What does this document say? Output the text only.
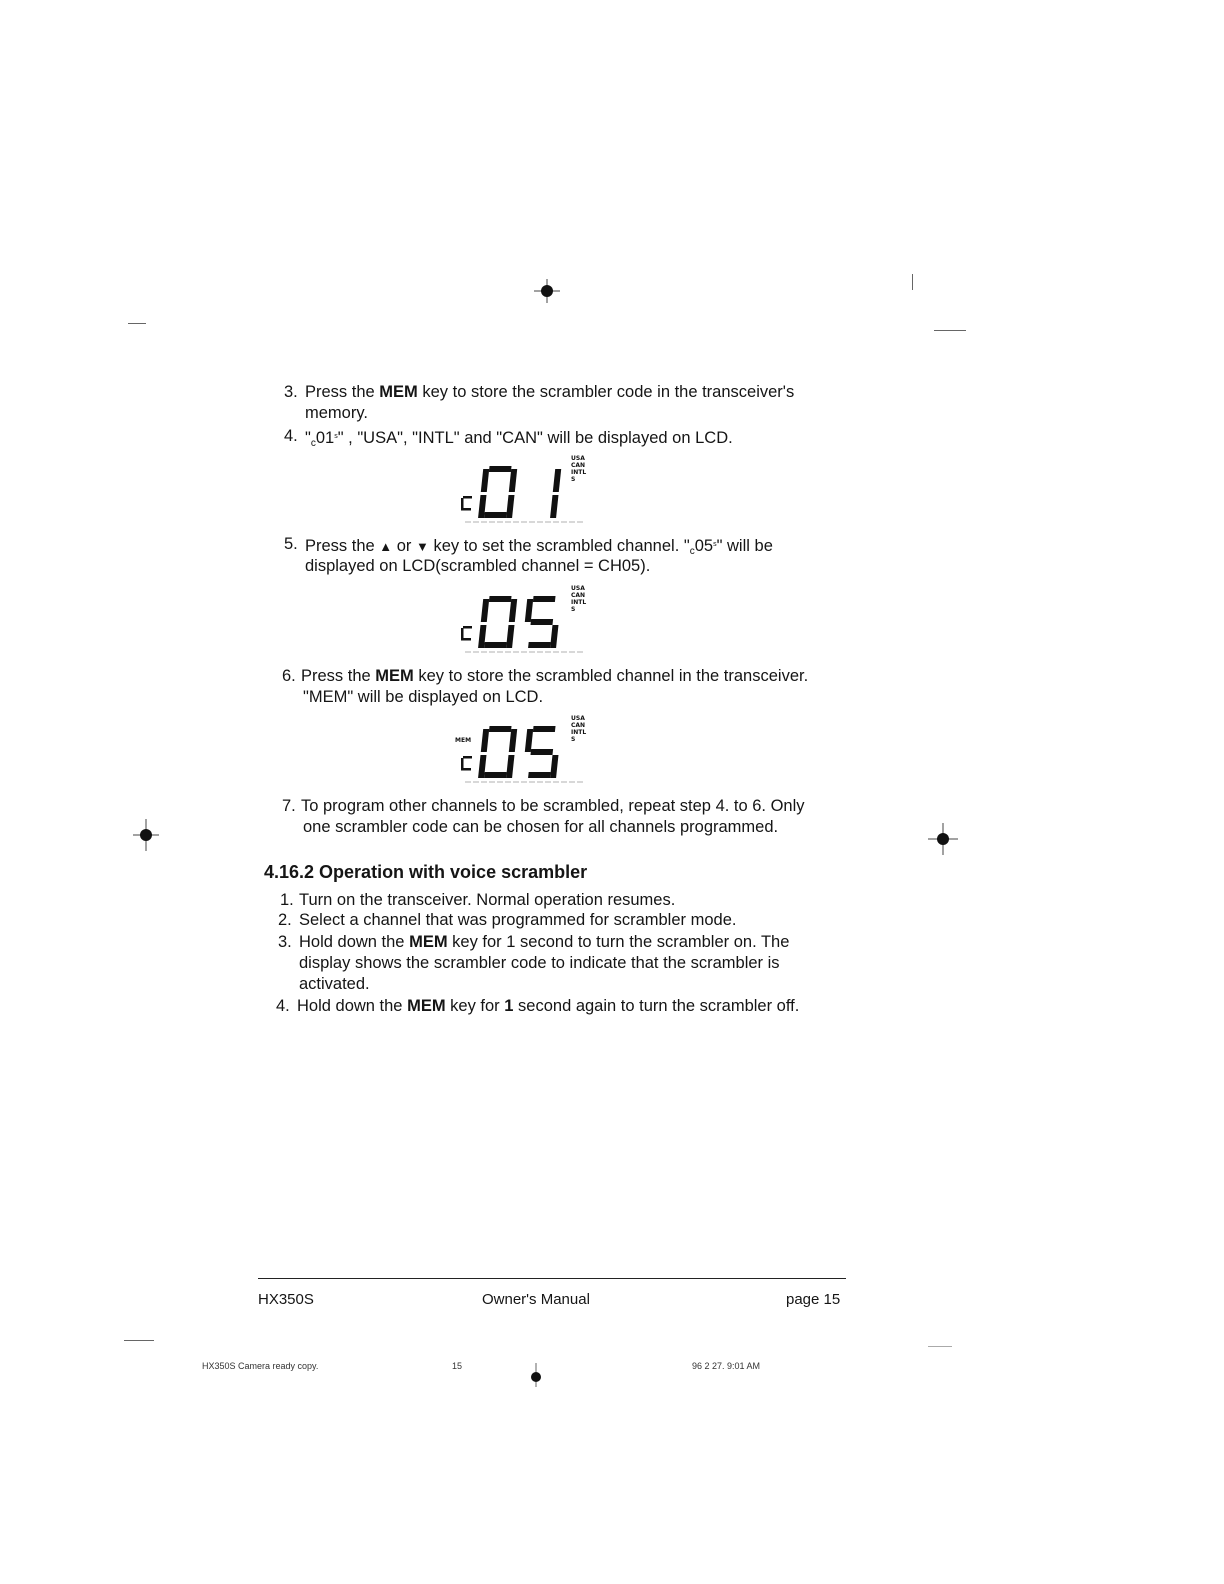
3. Press the MEM key to store the scrambler code in the transceiver's
memory.
4. "$_c01^s$" , "USA", "INTL" and "CAN" will be displayed on LCD.
USA
CAN
INTL
S
5. Press the ▲ or ▼ key to set the scrambled channel. "$_c05^s$" will be
displayed on LCD(scrambled channel = CH05).
USA
CAN
INTL
S
6. Press the MEM key to store the scrambled channel in the transceiver.
"MEM" will be displayed on LCD.
MEM
USA
CAN
INTL
S
7. To program other channels to be scrambled, repeat step 4. to 6. Only
one scrambler code can be chosen for all channels programmed.
4.16.2 Operation with voice scrambler
1. Turn on the transceiver. Normal operation resumes.
2. Select a channel that was programmed for scrambler mode.
3. Hold down the MEM key for 1 second to turn the scrambler on. The
display shows the scrambler code to indicate that the scrambler is
activated.
4. Hold down the MEM key for 1 second again to turn the scrambler off.
HX350S	Owner's Manual	page 15
HX350S Camera ready copy.	15	96 2 27. 9:01 AM
